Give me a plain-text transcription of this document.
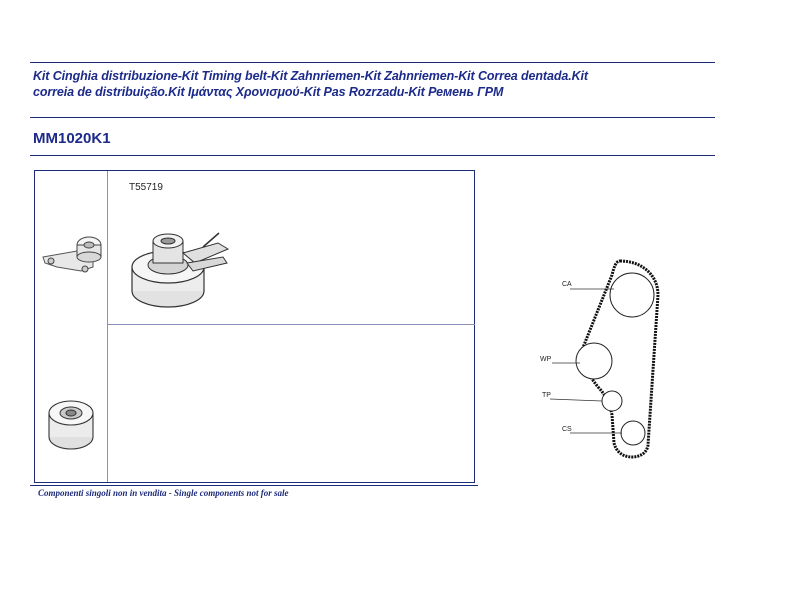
Kit Cinghia distribuzione-Kit Timing belt-Kit Zahnriemen-Kit Zahnriemen-Kit Correa dentada.Kit
correia de distribuição.Kit Ιμάντας Χρονισμού-Kit Pas Rozrzadu-Kit Ремень ГРМ
MM1020K1
T55719
Componenti singoli non in vendita - Single components not for sale
CA
WP
TP
CS
